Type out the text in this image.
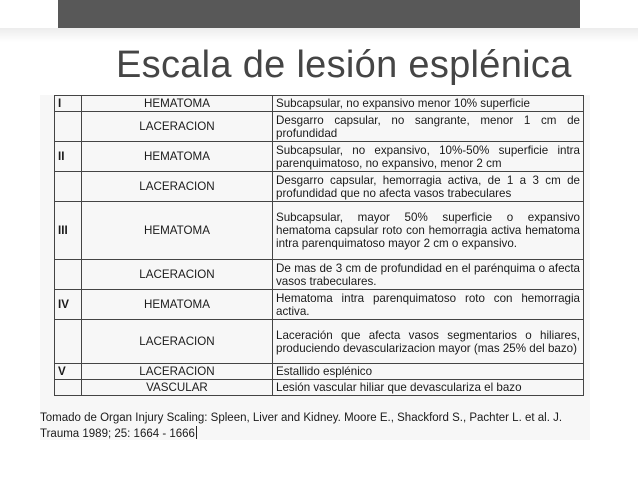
Escala de lesión esplénica
I	HEMATOMA	Subcapsular, no expansivo menor 10% superficie
	LACERACION	Desgarro capsular, no sangrante, menor 1 cm de profundidad
II	HEMATOMA	Subcapsular, no expansivo, 10%-50% superficie intra parenquimatoso, no expansivo, menor 2 cm
	LACERACION	Desgarro capsular, hemorragia activa, de 1 a 3 cm de profundidad que no afecta vasos trabeculares
III	HEMATOMA	Subcapsular, mayor 50% superficie o expansivo hematoma capsular roto con hemorragia activa hematoma intra parenquimatoso mayor 2 cm o expansivo.
	LACERACION	De mas de 3 cm de profundidad en el parénquima o afecta vasos trabeculares.
IV	HEMATOMA	Hematoma intra parenquimatoso roto con hemorragia activa.
	LACERACION	Laceración que afecta vasos segmentarios o hiliares, produciendo devascularizacion mayor (mas 25% del bazo)
V	LACERACION	Estallido esplénico
	VASCULAR	Lesión vascular hiliar que devasculariza el bazo
Tomado de Organ Injury Scaling: Spleen, Liver and Kidney. Moore E., Shackford S., Pachter L. et al. J. Trauma 1989; 25: 1664 - 1666
